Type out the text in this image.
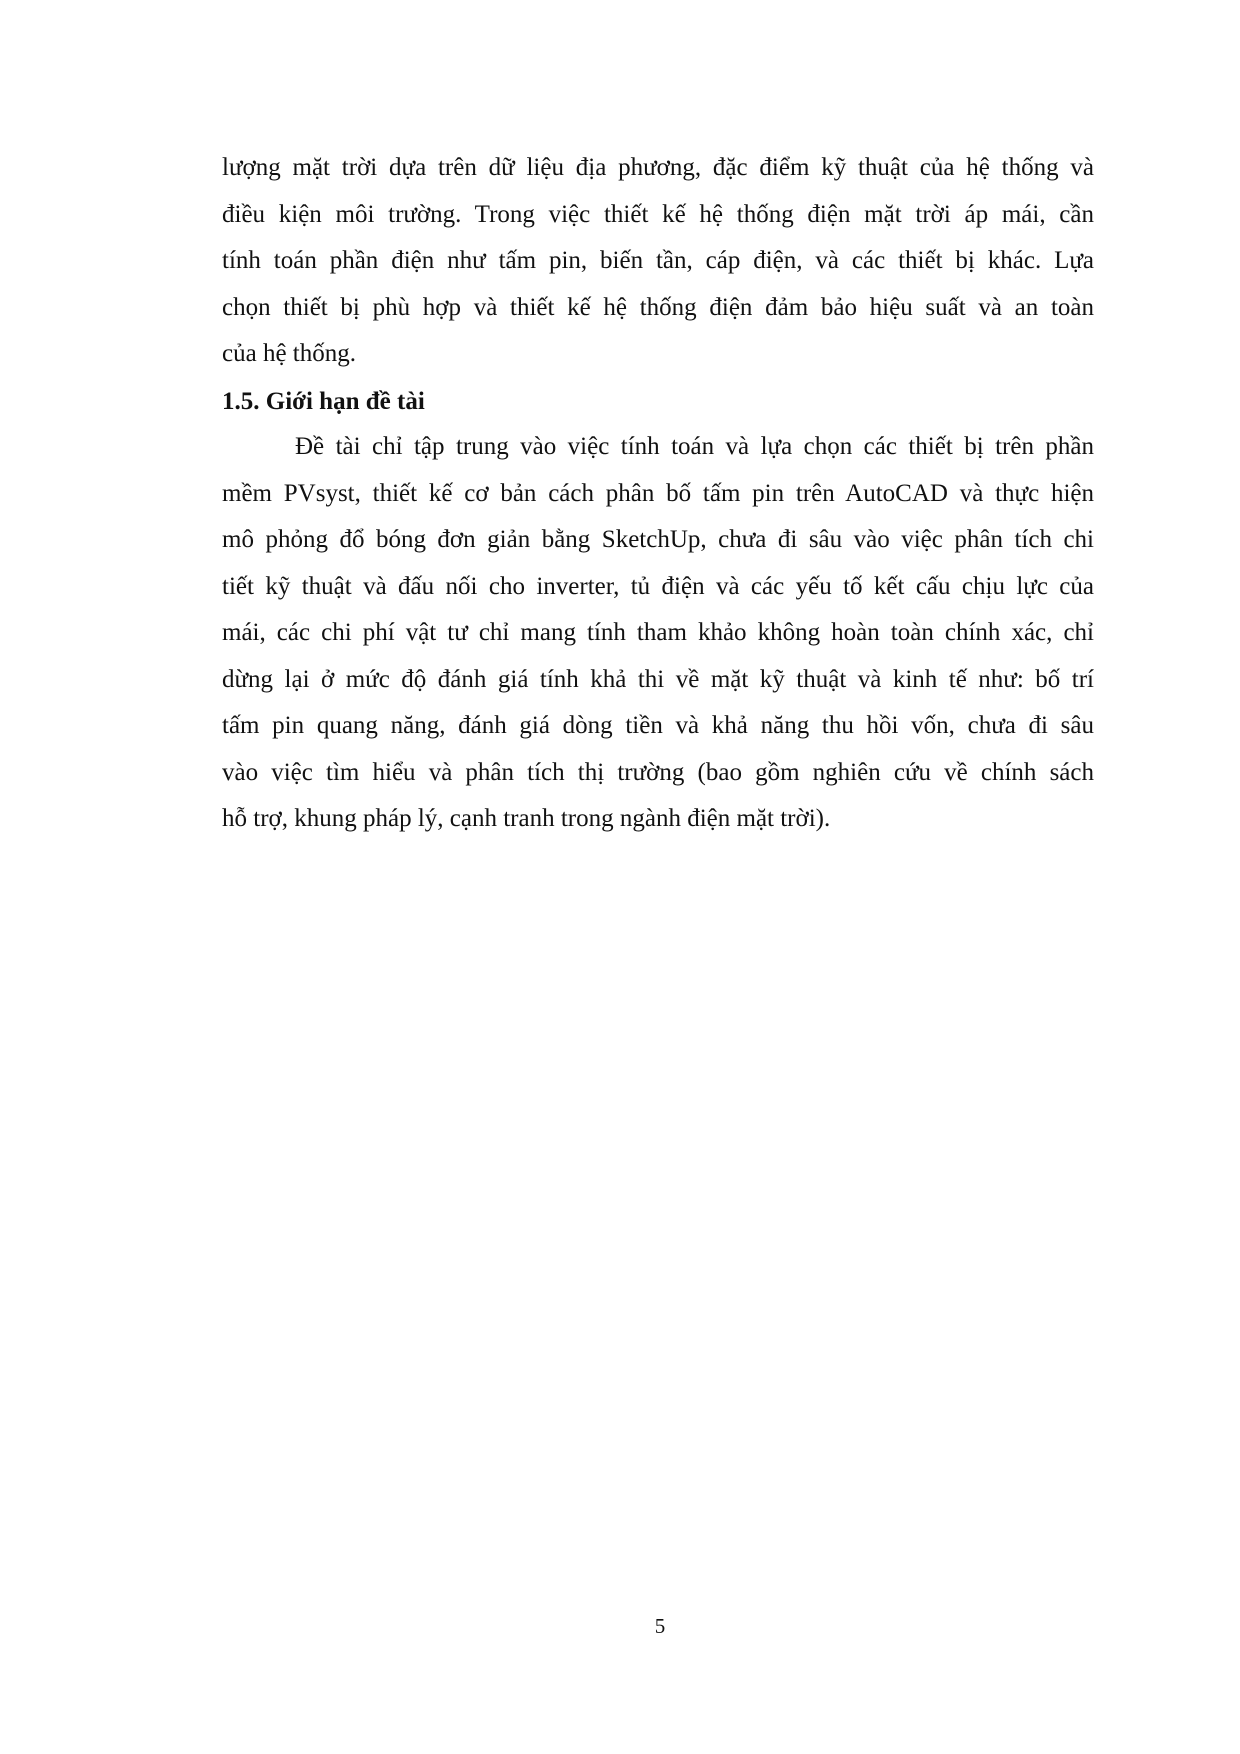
lượng mặt trời dựa trên dữ liệu địa phương, đặc điểm kỹ thuật của hệ thống và
điều kiện môi trường. Trong việc thiết kế hệ thống điện mặt trời áp mái, cần
tính toán phần điện như tấm pin, biến tần, cáp điện, và các thiết bị khác. Lựa
chọn thiết bị phù hợp và thiết kế hệ thống điện đảm bảo hiệu suất và an toàn
của hệ thống.

1.5. Giới hạn đề tài

Đề tài chỉ tập trung vào việc tính toán và lựa chọn các thiết bị trên phần
mềm PVsyst, thiết kế cơ bản cách phân bố tấm pin trên AutoCAD và thực hiện
mô phỏng đổ bóng đơn giản bằng SketchUp, chưa đi sâu vào việc phân tích chi
tiết kỹ thuật và đấu nối cho inverter, tủ điện và các yếu tố kết cấu chịu lực của
mái, các chi phí vật tư chỉ mang tính tham khảo không hoàn toàn chính xác, chỉ
dừng lại ở mức độ đánh giá tính khả thi về mặt kỹ thuật và kinh tế như: bố trí
tấm pin quang năng, đánh giá dòng tiền và khả năng thu hồi vốn, chưa đi sâu
vào việc tìm hiểu và phân tích thị trường (bao gồm nghiên cứu về chính sách
hỗ trợ, khung pháp lý, cạnh tranh trong ngành điện mặt trời).

5
